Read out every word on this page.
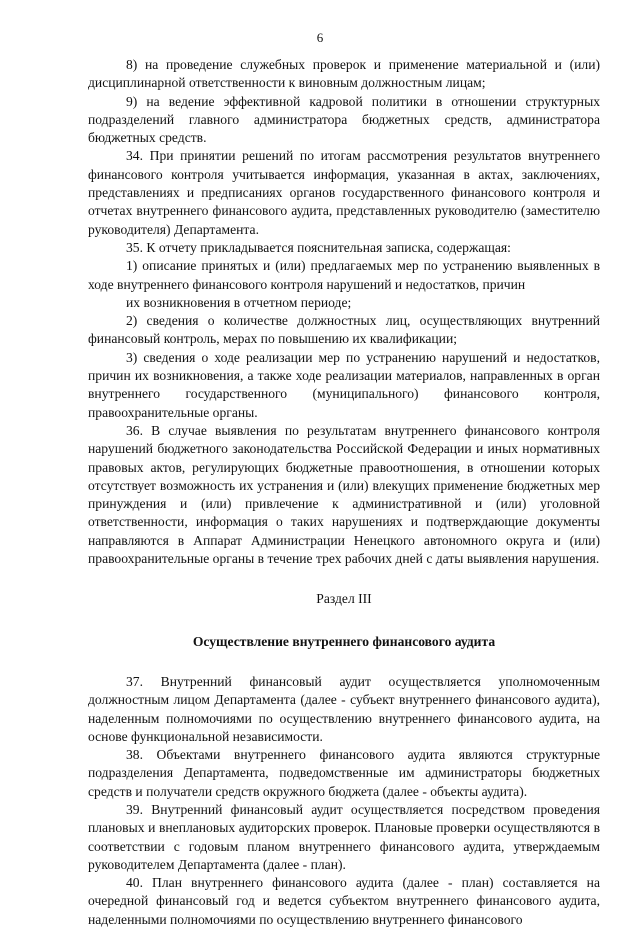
6

8) на проведение служебных проверок и применение материальной и (или) дисциплинарной ответственности к виновным должностным лицам;

9) на ведение эффективной кадровой политики в отношении структурных подразделений главного администратора бюджетных средств, администратора бюджетных средств.

34. При принятии решений по итогам рассмотрения результатов внутреннего финансового контроля учитывается информация, указанная в актах, заключениях, представлениях и предписаниях органов государственного финансового контроля и отчетах внутреннего финансового аудита, представленных руководителю (заместителю руководителя) Департамента.

35. К отчету прикладывается пояснительная записка, содержащая:

1) описание принятых и (или) предлагаемых мер по устранению выявленных в ходе внутреннего финансового контроля нарушений и недостатков, причин

их возникновения в отчетном периоде;

2) сведения о количестве должностных лиц, осуществляющих внутренний финансовый контроль, мерах по повышению их квалификации;

3) сведения о ходе реализации мер по устранению нарушений и недостатков, причин их возникновения, а также ходе реализации материалов, направленных в орган внутреннего государственного (муниципального) финансового контроля, правоохранительные органы.

36. В случае выявления по результатам внутреннего финансового контроля нарушений бюджетного законодательства Российской Федерации и иных нормативных правовых актов, регулирующих бюджетные правоотношения, в отношении которых отсутствует возможность их устранения и (или) влекущих применение бюджетных мер принуждения и (или) привлечение к административной и (или) уголовной ответственности, информация о таких нарушениях и подтверждающие документы направляются в Аппарат Администрации Ненецкого автономного округа и (или) правоохранительные органы в течение трех рабочих дней с даты выявления нарушения.

Раздел III
Осуществление внутреннего финансового аудита

37. Внутренний финансовый аудит осуществляется уполномоченным должностным лицом Департамента (далее - субъект внутреннего финансового аудита), наделенным полномочиями по осуществлению внутреннего финансового аудита, на основе функциональной независимости.

38. Объектами внутреннего финансового аудита являются структурные подразделения Департамента, подведомственные им администраторы бюджетных средств и получатели средств окружного бюджета (далее - объекты аудита).

39. Внутренний финансовый аудит осуществляется посредством проведения плановых и внеплановых аудиторских проверок. Плановые проверки осуществляются в соответствии с годовым планом внутреннего финансового аудита, утверждаемым руководителем Департамента (далее - план).

40. План внутреннего финансового аудита (далее - план) составляется на очередной финансовый год и ведется субъектом внутреннего финансового аудита, наделенными полномочиями по осуществлению внутреннего финансового
